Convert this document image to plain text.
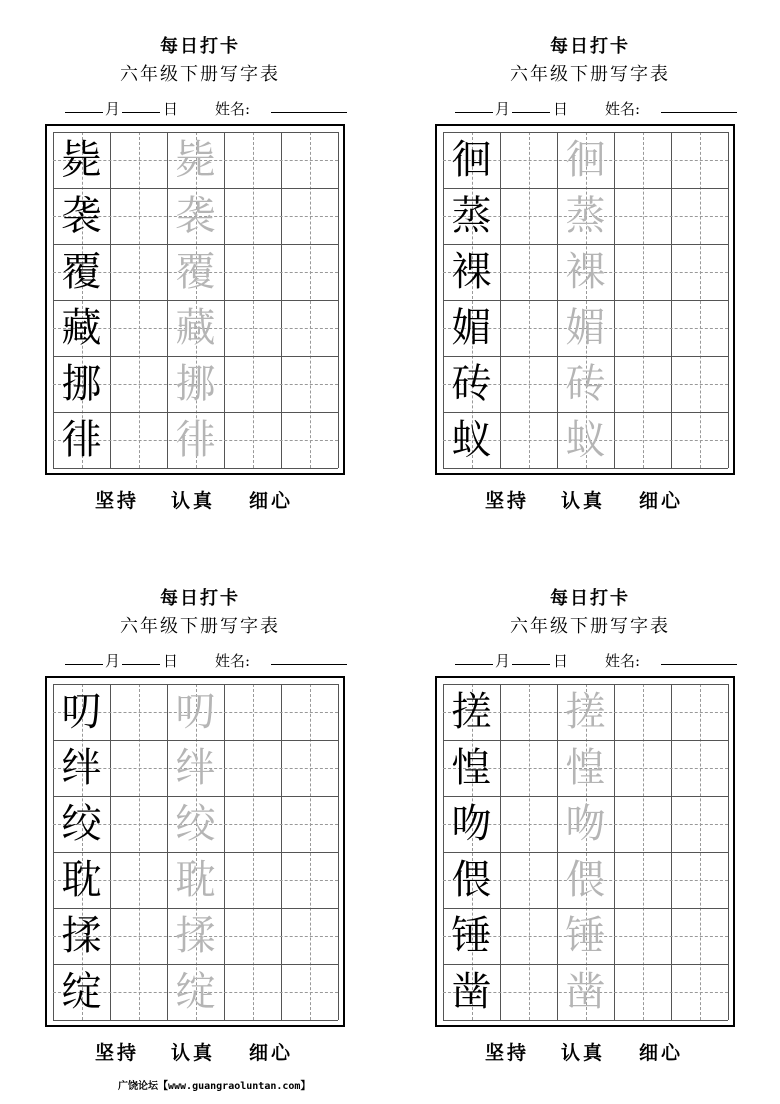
每日打卡
六年级下册写字表
月	日 姓名:
毙 毙
袭 袭
覆 覆
藏 藏
挪 挪
徘 徘
坚持 认真 细心
每日打卡
六年级下册写字表
月	日 姓名:
徊 徊
蒸 蒸
裸 裸
媚 媚
砖 砖
蚁 蚁
坚持 认真 细心
每日打卡
六年级下册写字表
月	日 姓名:
叨 叨
绊 绊
绞 绞
耽 耽
揉 揉
绽 绽
坚持 认真 细心
每日打卡
六年级下册写字表
月	日 姓名:
搓 搓
惶 惶
吻 吻
偎 偎
锤 锤
凿 凿
坚持 认真 细心
广饶论坛【www.guangraoluntan.com】
